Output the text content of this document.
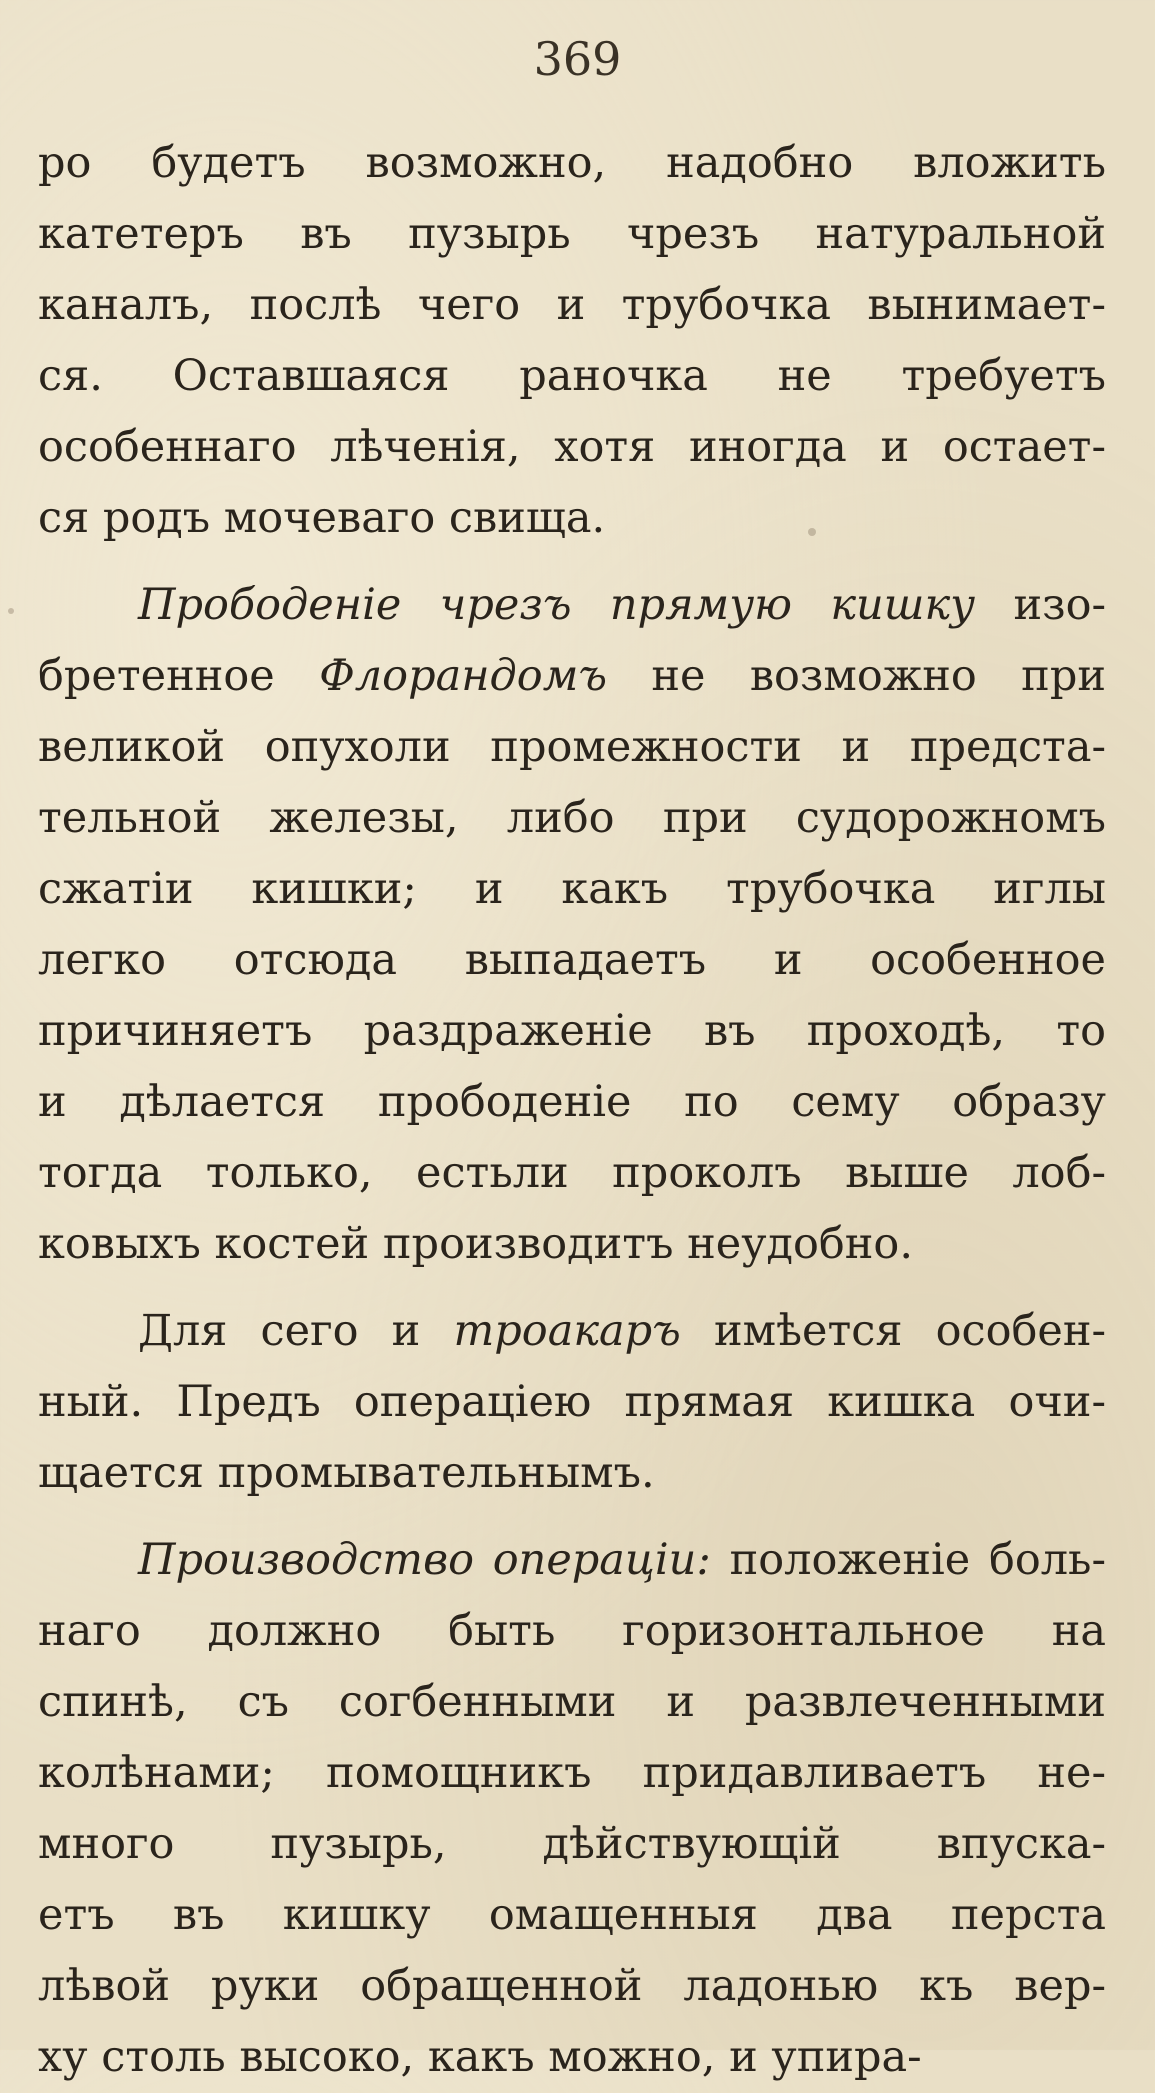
369
ро будетъ возможно, надобно вложить
катетеръ въ пузырь чрезъ натуральной
каналъ, послѣ чего и трубочка вынимает-
ся. Оставшаяся раночка не требуетъ
особеннаго лѣченія, хотя иногда и остает-
ся родъ мочеваго свища.
Прободеніе чрезъ прямую кишку изо-
бретенное Флорандомъ не возможно при
великой опухоли промежности и предста-
тельной железы, либо при судорожномъ
сжатіи кишки; и какъ трубочка иглы
легко отсюда выпадаетъ и особенное
причиняетъ раздраженіе въ проходѣ, то
и дѣлается прободеніе по сему образу
тогда только, естьли проколъ выше лоб-
ковыхъ костей производитъ неудобно.
Для сего и троакаръ имѣется особен-
ный. Предъ операціею прямая кишка очи-
щается промывательнымъ.
Производство операціи: положеніе боль-
наго должно быть горизонтальное на
спинѣ, съ согбенными и развлеченными
колѣнами; помощникъ придавливаетъ не-
много пузырь, дѣйствующій впуска-
етъ въ кишку омащенныя два перста
лѣвой руки обращенной ладонью къ вер-
ху столь высоко, какъ можно, и упира-
